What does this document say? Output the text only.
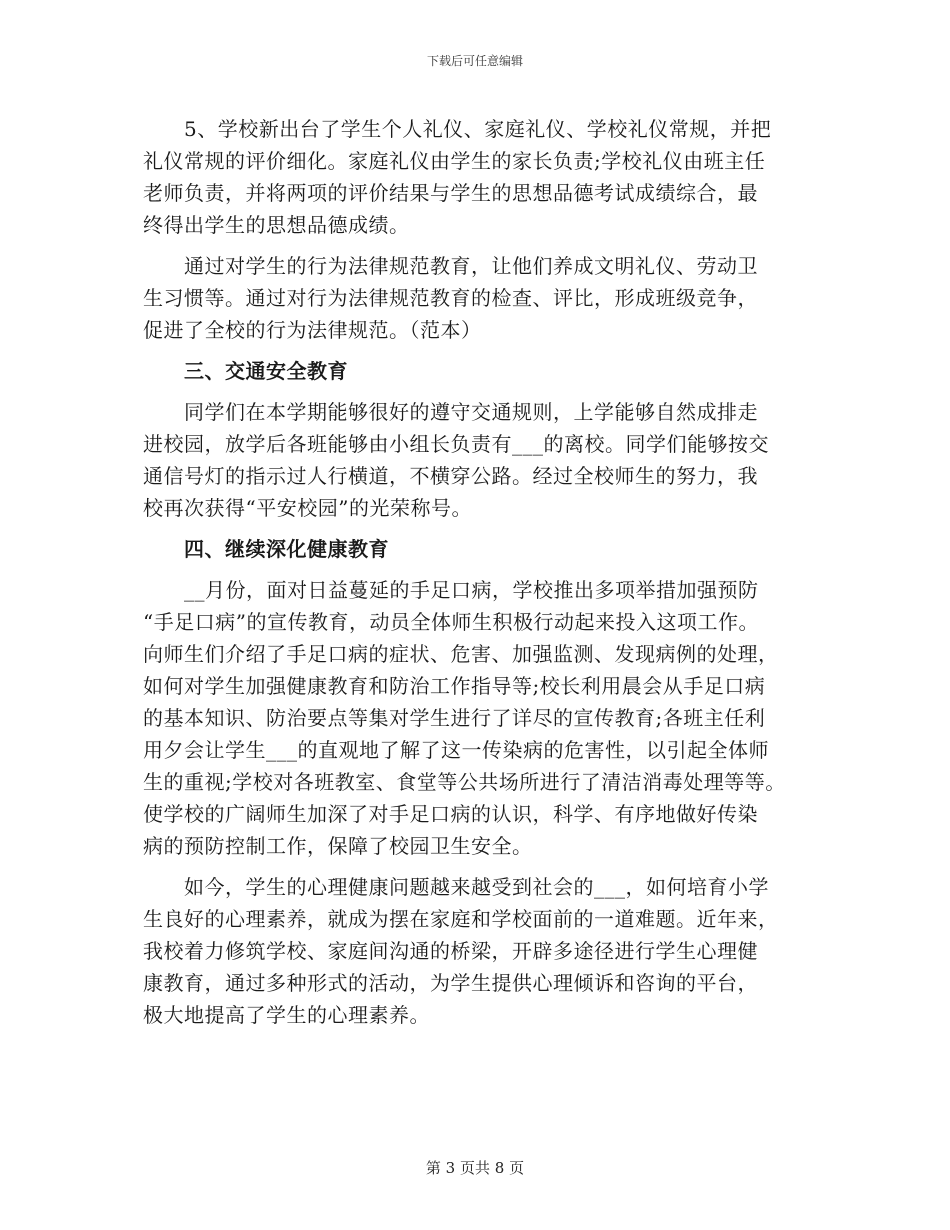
下载后可任意编辑
　　5、学校新出台了学生个人礼仪、家庭礼仪、学校礼仪常规，并把
礼仪常规的评价细化。家庭礼仪由学生的家长负责;学校礼仪由班主任
老师负责，并将两项的评价结果与学生的思想品德考试成绩综合，最
终得出学生的思想品德成绩。
　　通过对学生的行为法律规范教育，让他们养成文明礼仪、劳动卫
生习惯等。通过对行为法律规范教育的检查、评比，形成班级竞争，
促进了全校的行为法律规范。（范本）
　　三、交通安全教育
　　同学们在本学期能够很好的遵守交通规则，上学能够自然成排走
进校园，放学后各班能够由小组长负责有___的离校。同学们能够按交
通信号灯的指示过人行横道，不横穿公路。经过全校师生的努力，我
校再次获得“平安校园”的光荣称号。
　　四、继续深化健康教育
　　__月份，面对日益蔓延的手足口病，学校推出多项举措加强预防
“手足口病”的宣传教育，动员全体师生积极行动起来投入这项工作。
向师生们介绍了手足口病的症状、危害、加强监测、发现病例的处理，
如何对学生加强健康教育和防治工作指导等;校长利用晨会从手足口病
的基本知识、防治要点等集对学生进行了详尽的宣传教育;各班主任利
用夕会让学生___的直观地了解了这一传染病的危害性，以引起全体师
生的重视;学校对各班教室、食堂等公共场所进行了清洁消毒处理等等。
使学校的广阔师生加深了对手足口病的认识，科学、有序地做好传染
病的预防控制工作，保障了校园卫生安全。
　　如今，学生的心理健康问题越来越受到社会的___，如何培育小学
生良好的心理素养，就成为摆在家庭和学校面前的一道难题。近年来，
我校着力修筑学校、家庭间沟通的桥梁，开辟多途径进行学生心理健
康教育，通过多种形式的活动，为学生提供心理倾诉和咨询的平台，
极大地提高了学生的心理素养。
第 3 页共 8 页
